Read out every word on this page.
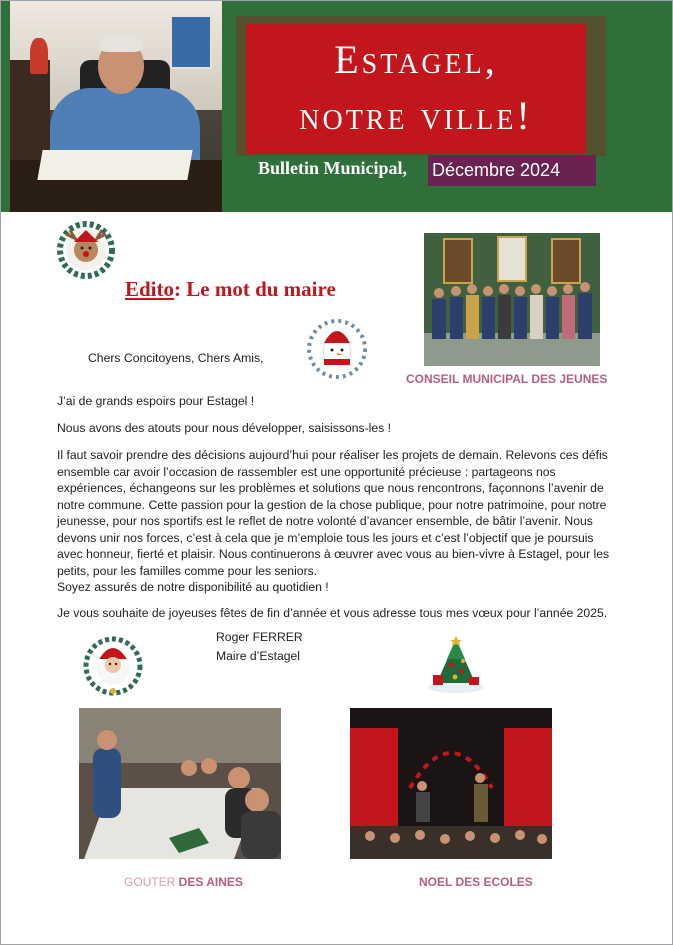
Estagel,
notre ville!
Bulletin Municipal, Décembre 2024
Edito: Le mot du maire
CONSEIL MUNICIPAL DES JEUNES
Chers Concitoyens, Chers Amis,
J’ai de grands espoirs pour Estagel !
Nous avons des atouts pour nous développer, saisissons-les !
Il faut savoir prendre des décisions aujourd’hui pour réaliser les projets de demain. Relevons ces défis
ensemble car avoir l’occasion de rassembler est une opportunité précieuse : partageons nos
expériences, échangeons sur les problèmes et solutions que nous rencontrons, façonnons l’avenir de
notre commune. Cette passion pour la gestion de la chose publique, pour notre patrimoine, pour notre
jeunesse, pour nos sportifs est le reflet de notre volonté d’avancer ensemble, de bâtir l’avenir. Nous
devons unir nos forces, c’est à cela que je m’emploie tous les jours et c’est l’objectif que je poursuis
avec honneur, fierté et plaisir. Nous continuerons à œuvrer avec vous au bien-vivre à Estagel, pour les
petits, pour les familles comme pour les seniors.
Soyez assurés de notre disponibilité au quotidien !
Je vous souhaite de joyeuses fêtes de fin d’année et vous adresse tous mes vœux pour l’année 2025.
Roger FERRER
Maire d’Estagel
GOUTER DES AINES	NOEL DES ECOLES
